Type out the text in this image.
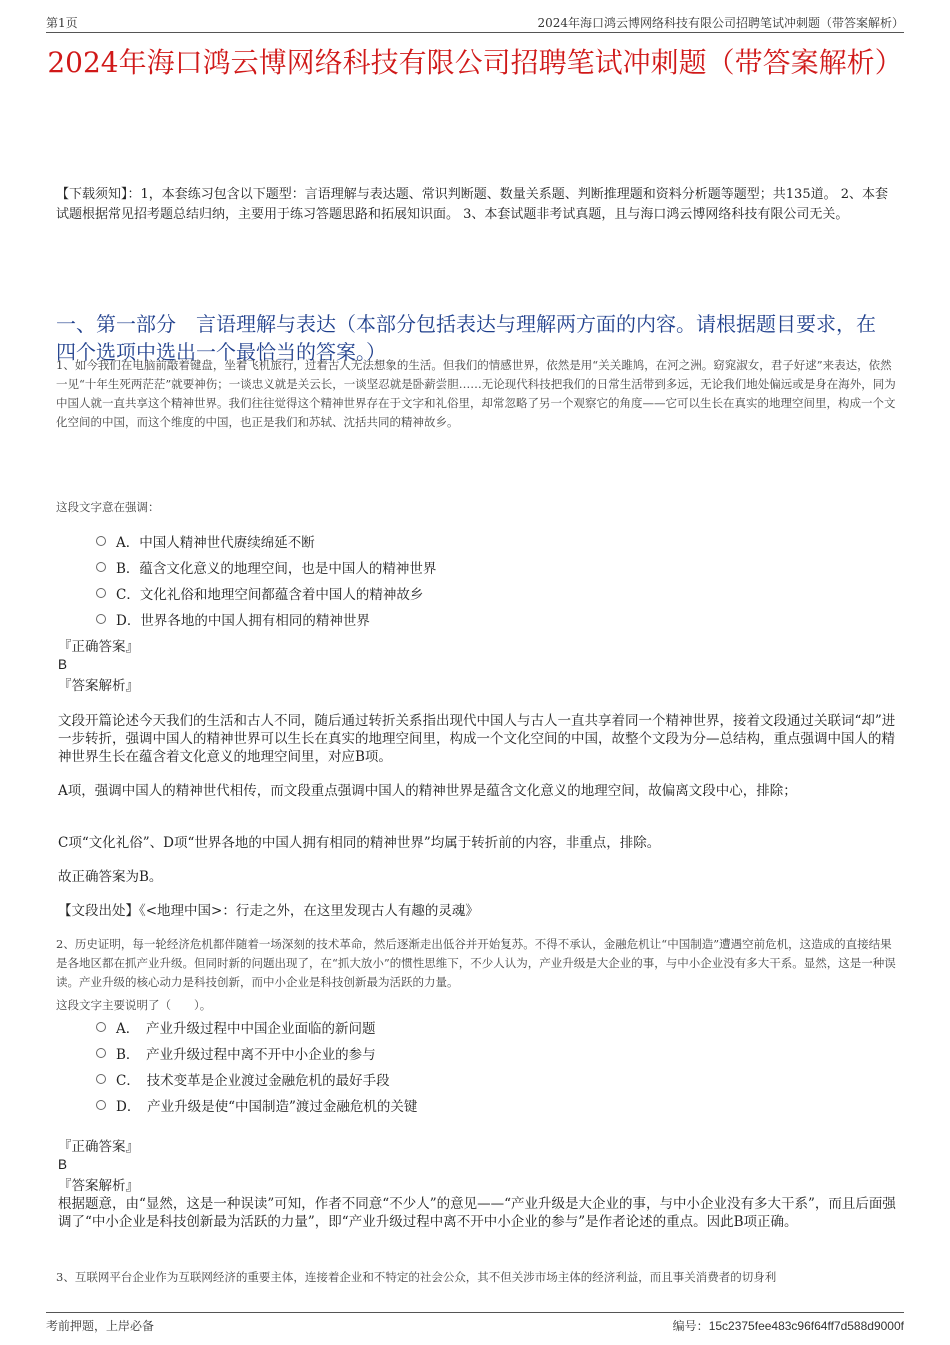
第1页	2024年海口鸿云博网络科技有限公司招聘笔试冲刺题（带答案解析）
2024年海口鸿云博网络科技有限公司招聘笔试冲刺题（带答案解析）
【下载须知】：1，本套练习包含以下题型：言语理解与表达题、常识判断题、数量关系题、判断推理题和资料分析题等题型；共135道。 2、本套试题根据常见招考题总结归纳，主要用于练习答题思路和拓展知识面。 3、本套试题非考试真题，且与海口鸿云博网络科技有限公司无关。
一、第一部分　言语理解与表达（本部分包括表达与理解两方面的内容。请根据题目要求，在四个选项中选出一个最恰当的答案。）
1、如今我们在电脑前敲着键盘，坐着飞机旅行，过着古人无法想象的生活。但我们的情感世界，依然是用“关关雎鸠，在河之洲。窈窕淑女，君子好逑”来表达，依然一见“十年生死两茫茫”就要神伤；一谈忠义就是关云长，一谈坚忍就是卧薪尝胆……无论现代科技把我们的日常生活带到多远，无论我们地处偏远或是身在海外，同为中国人就一直共享这个精神世界。我们往往觉得这个精神世界存在于文字和礼俗里，却常忽略了另一个观察它的角度——它可以生长在真实的地理空间里，构成一个文化空间的中国，而这个维度的中国，也正是我们和苏轼、沈括共同的精神故乡。
这段文字意在强调：
A．中国人精神世代赓续绵延不断
B．蕴含文化意义的地理空间，也是中国人的精神世界
C．文化礼俗和地理空间都蕴含着中国人的精神故乡
D．世界各地的中国人拥有相同的精神世界
『正确答案』
B
『答案解析』
文段开篇论述今天我们的生活和古人不同，随后通过转折关系指出现代中国人与古人一直共享着同一个精神世界，接着文段通过关联词“却”进一步转折，强调中国人的精神世界可以生长在真实的地理空间里，构成一个文化空间的中国，故整个文段为分—总结构，重点强调中国人的精神世界生长在蕴含着文化意义的地理空间里，对应B项。
A项，强调中国人的精神世代相传，而文段重点强调中国人的精神世界是蕴含文化意义的地理空间，故偏离文段中心，排除；
C项“文化礼俗”、D项“世界各地的中国人拥有相同的精神世界”均属于转折前的内容，非重点，排除。
故正确答案为B。
【文段出处】《<地理中国>：行走之外，在这里发现古人有趣的灵魂》
2、历史证明，每一轮经济危机都伴随着一场深刻的技术革命，然后逐渐走出低谷并开始复苏。不得不承认，金融危机让“中国制造”遭遇空前危机，这造成的直接结果是各地区都在抓产业升级。但同时新的问题出现了，在“抓大放小”的惯性思维下，不少人认为，产业升级是大企业的事，与中小企业没有多大干系。显然，这是一种误读。产业升级的核心动力是科技创新，而中小企业是科技创新最为活跃的力量。
这段文字主要说明了（　　）。
A．　产业升级过程中中国企业面临的新问题
B．　产业升级过程中离不开中小企业的参与
C．　技术变革是企业渡过金融危机的最好手段
D．　产业升级是使“中国制造”渡过金融危机的关键
『正确答案』
B
『答案解析』
根据题意，由“显然，这是一种误读”可知，作者不同意“不少人”的意见——“产业升级是大企业的事，与中小企业没有多大干系”，而且后面强调了“中小企业是科技创新最为活跃的力量”，即“产业升级过程中离不开中小企业的参与”是作者论述的重点。因此B项正确。
3、互联网平台企业作为互联网经济的重要主体，连接着企业和不特定的社会公众，其不但关涉市场主体的经济利益，而且事关消费者的切身利
考前押题，上岸必备	编号：15c2375fee483c96f64ff7d588d9000f
